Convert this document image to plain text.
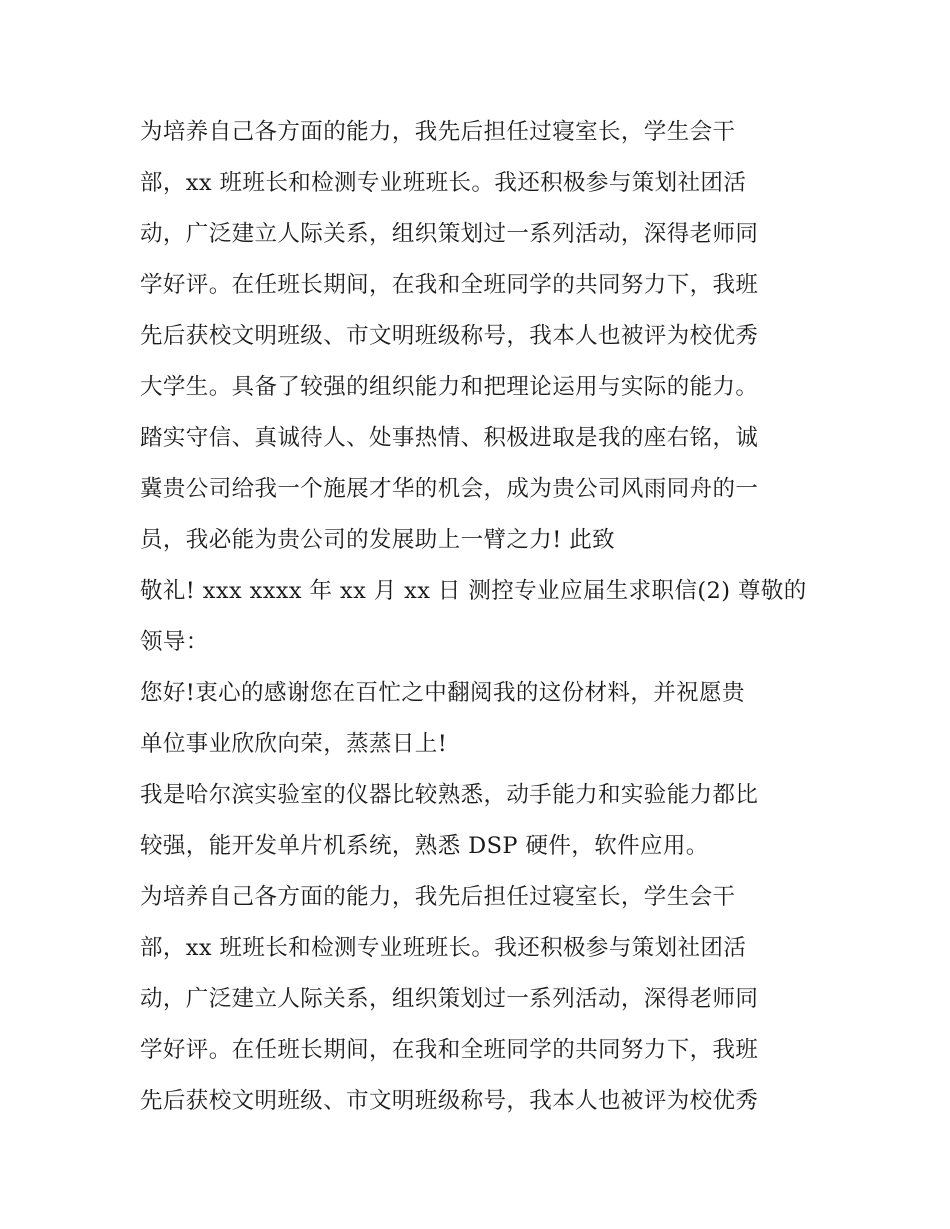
为培养自己各方面的能力，我先后担任过寝室长，学生会干
部，xx 班班长和检测专业班班长。我还积极参与策划社团活
动，广泛建立人际关系，组织策划过一系列活动，深得老师同
学好评。在任班长期间，在我和全班同学的共同努力下，我班
先后获校文明班级、市文明班级称号，我本人也被评为校优秀
大学生。具备了较强的组织能力和把理论运用与实际的能力。
踏实守信、真诚待人、处事热情、积极进取是我的座右铭，诚
冀贵公司给我一个施展才华的机会，成为贵公司风雨同舟的一
员，我必能为贵公司的发展助上一臂之力! 此致
敬礼! xxx xxxx 年 xx 月 xx 日 测控专业应届生求职信(2) 尊敬的
领导：
您好!衷心的感谢您在百忙之中翻阅我的这份材料，并祝愿贵
单位事业欣欣向荣，蒸蒸日上!
我是哈尔滨实验室的仪器比较熟悉，动手能力和实验能力都比
较强，能开发单片机系统，熟悉 DSP 硬件，软件应用。
为培养自己各方面的能力，我先后担任过寝室长，学生会干
部，xx 班班长和检测专业班班长。我还积极参与策划社团活
动，广泛建立人际关系，组织策划过一系列活动，深得老师同
学好评。在任班长期间，在我和全班同学的共同努力下，我班
先后获校文明班级、市文明班级称号，我本人也被评为校优秀
